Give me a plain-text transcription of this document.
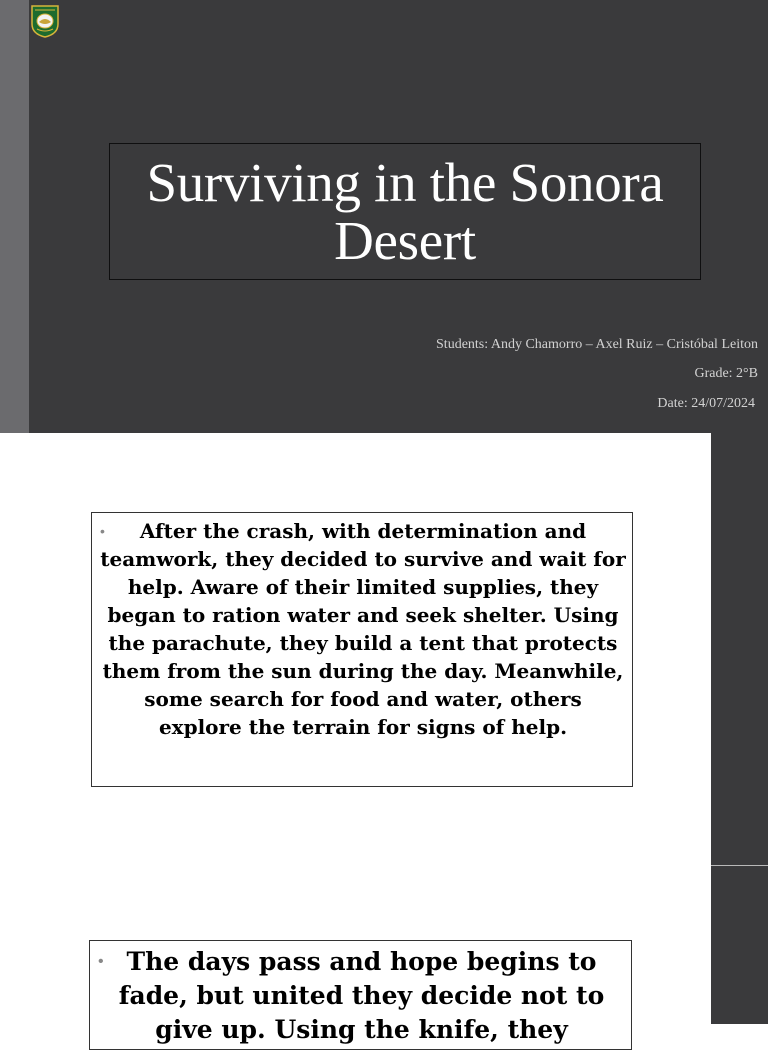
Surviving in the Sonora Desert
Students: Andy Chamorro – Axel Ruiz – Cristóbal Leiton
Grade: 2°B
Date: 24/07/2024

• After the crash, with determination and teamwork, they decided to survive and wait for help. Aware of their limited supplies, they began to ration water and seek shelter. Using the parachute, they build a tent that protects them from the sun during the day. Meanwhile, some search for food and water, others explore the terrain for signs of help.

• The days pass and hope begins to fade, but united they decide not to give up. Using the knife, they
